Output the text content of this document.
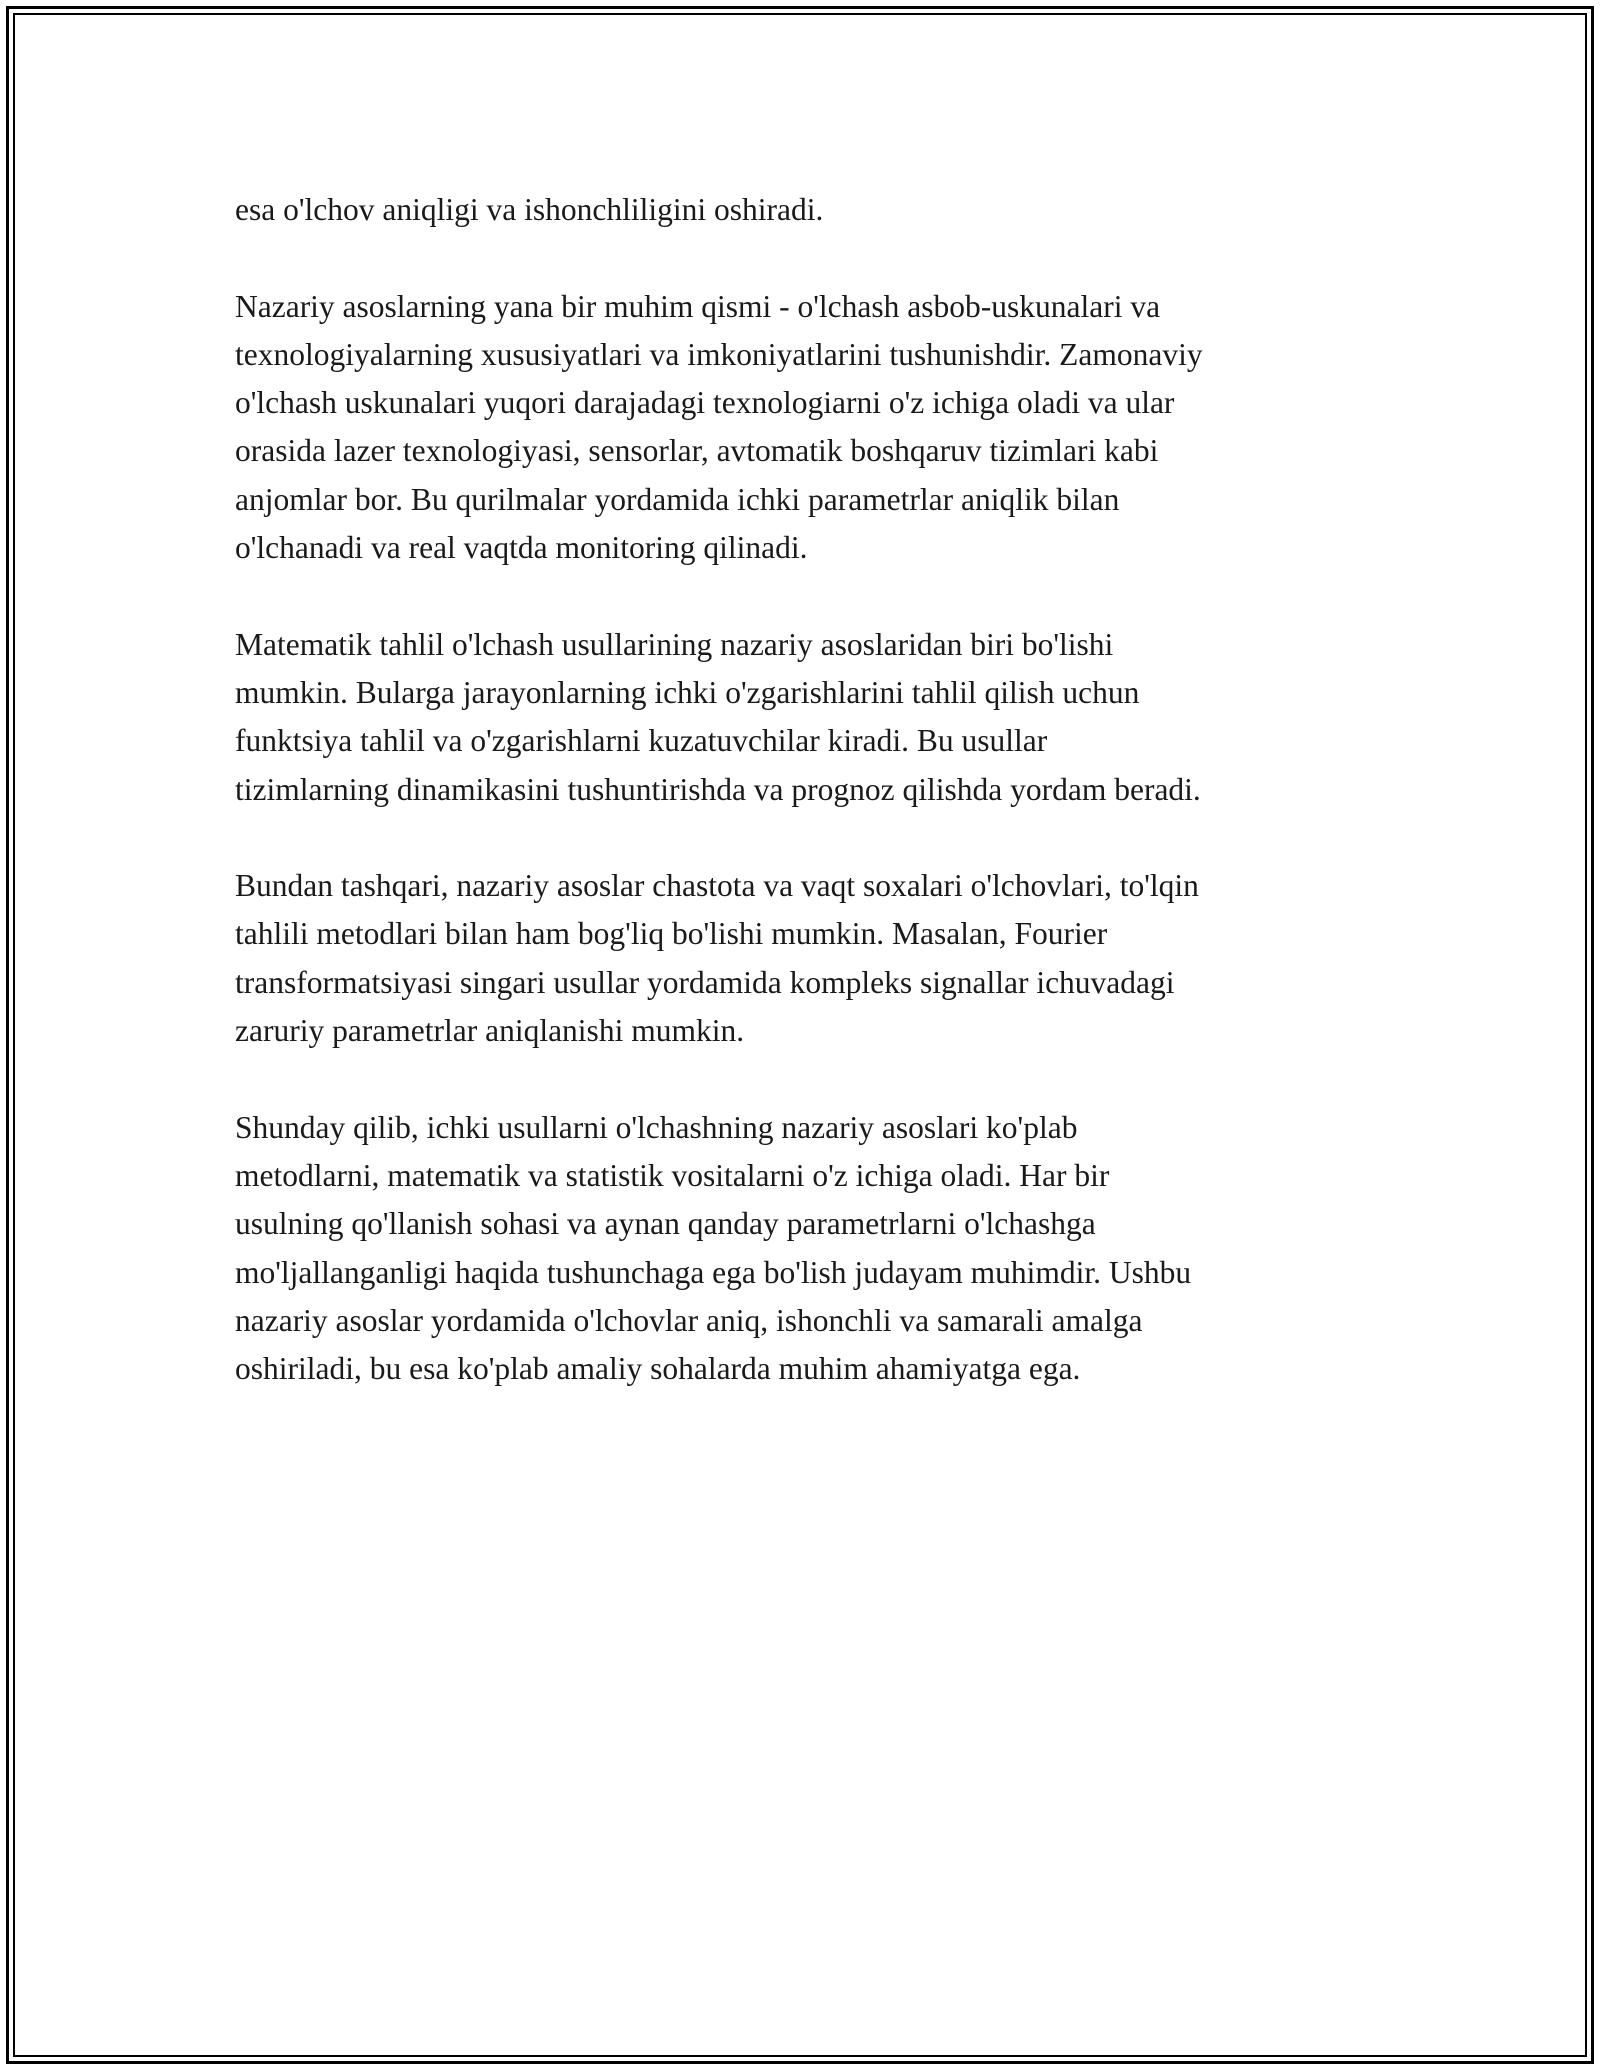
esa o'lchov aniqligi va ishonchliligini oshiradi.

Nazariy asoslarning yana bir muhim qismi - o'lchash asbob-uskunalari va
texnologiyalarning xususiyatlari va imkoniyatlarini tushunishdir. Zamonaviy
o'lchash uskunalari yuqori darajadagi texnologiarni o'z ichiga oladi va ular
orasida lazer texnologiyasi, sensorlar, avtomatik boshqaruv tizimlari kabi
anjomlar bor. Bu qurilmalar yordamida ichki parametrlar aniqlik bilan
o'lchanadi va real vaqtda monitoring qilinadi.

Matematik tahlil o'lchash usullarining nazariy asoslaridan biri bo'lishi
mumkin. Bularga jarayonlarning ichki o'zgarishlarini tahlil qilish uchun
funktsiya tahlil va o'zgarishlarni kuzatuvchilar kiradi. Bu usullar
tizimlarning dinamikasini tushuntirishda va prognoz qilishda yordam beradi.

Bundan tashqari, nazariy asoslar chastota va vaqt soxalari o'lchovlari, to'lqin
tahlili metodlari bilan ham bog'liq bo'lishi mumkin. Masalan, Fourier
transformatsiyasi singari usullar yordamida kompleks signallar ichuvadagi
zaruriy parametrlar aniqlanishi mumkin.

Shunday qilib, ichki usullarni o'lchashning nazariy asoslari ko'plab
metodlarni, matematik va statistik vositalarni o'z ichiga oladi. Har bir
usulning qo'llanish sohasi va aynan qanday parametrlarni o'lchashga
mo'ljallanganligi haqida tushunchaga ega bo'lish judayam muhimdir. Ushbu
nazariy asoslar yordamida o'lchovlar aniq, ishonchli va samarali amalga
oshiriladi, bu esa ko'plab amaliy sohalarda muhim ahamiyatga ega.
